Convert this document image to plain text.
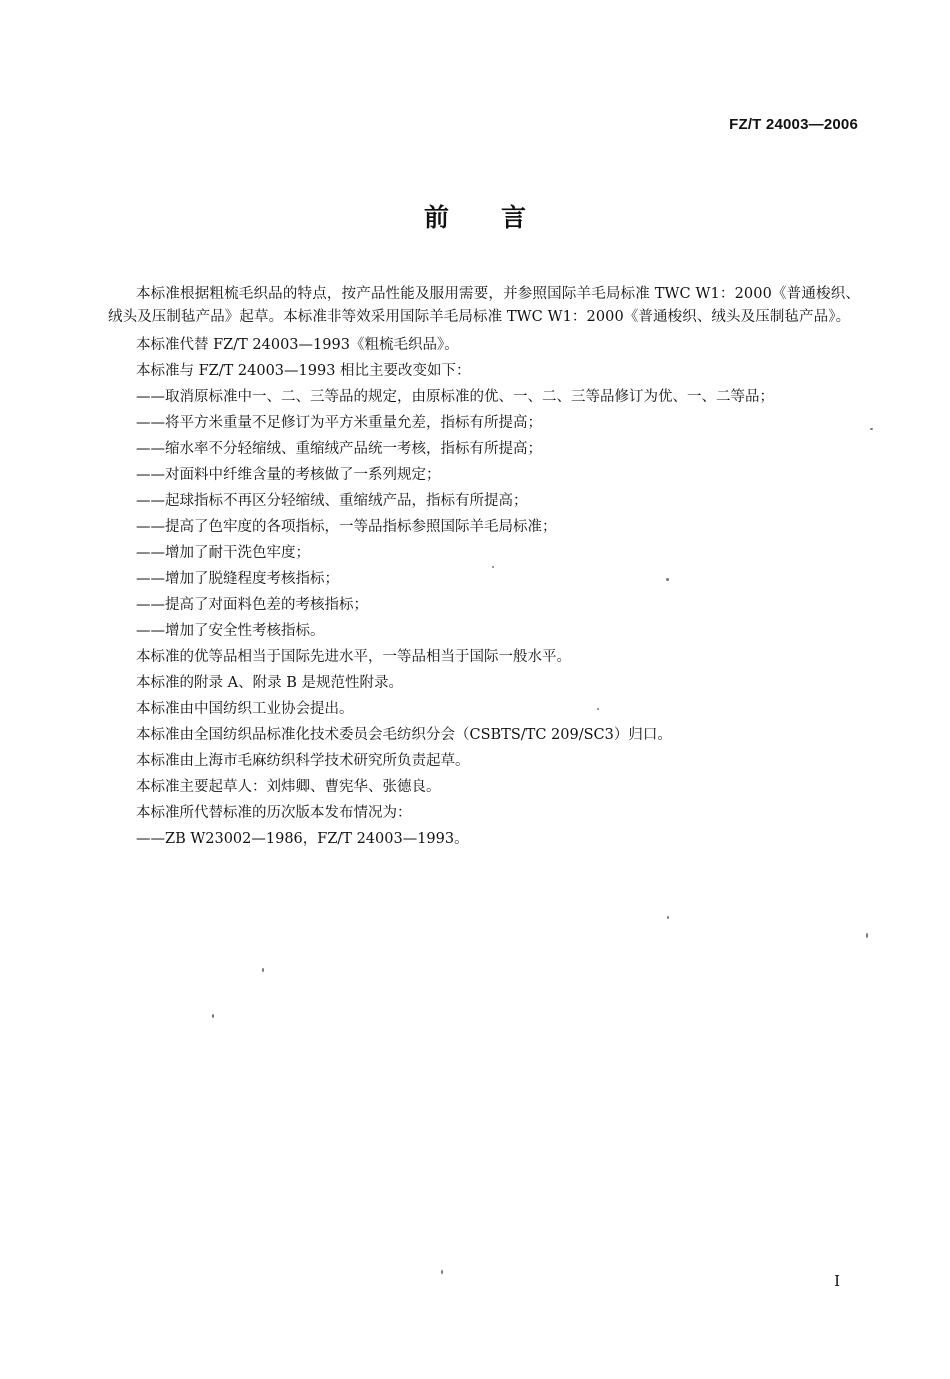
FZ/T 24003—2006
前言

本标准根据粗梳毛织品的特点，按产品性能及服用需要，并参照国际羊毛局标准 TWC W1：2000《普通梭织、绒头及压制毡产品》起草。本标准非等效采用国际羊毛局标准 TWC W1：2000《普通梭织、绒头及压制毡产品》。

本标准代替 FZ/T 24003—1993《粗梳毛织品》。
本标准与 FZ/T 24003—1993 相比主要改变如下：
——取消原标准中一、二、三等品的规定，由原标准的优、一、二、三等品修订为优、一、二等品；
——将平方米重量不足修订为平方米重量允差，指标有所提高；
——缩水率不分轻缩绒、重缩绒产品统一考核，指标有所提高；
——对面料中纤维含量的考核做了一系列规定；
——起球指标不再区分轻缩绒、重缩绒产品，指标有所提高；
——提高了色牢度的各项指标，一等品指标参照国际羊毛局标准；
——增加了耐干洗色牢度；
——增加了脱缝程度考核指标；
——提高了对面料色差的考核指标；
——增加了安全性考核指标。
本标准的优等品相当于国际先进水平，一等品相当于国际一般水平。
本标准的附录 A、附录 B 是规范性附录。
本标准由中国纺织工业协会提出。
本标准由全国纺织品标准化技术委员会毛纺织分会（CSBTS/TC 209/SC3）归口。
本标准由上海市毛麻纺织科学技术研究所负责起草。
本标准主要起草人：刘炜卿、曹宪华、张德良。
本标准所代替标准的历次版本发布情况为：
——ZB W23002—1986，FZ/T 24003—1993。
I
